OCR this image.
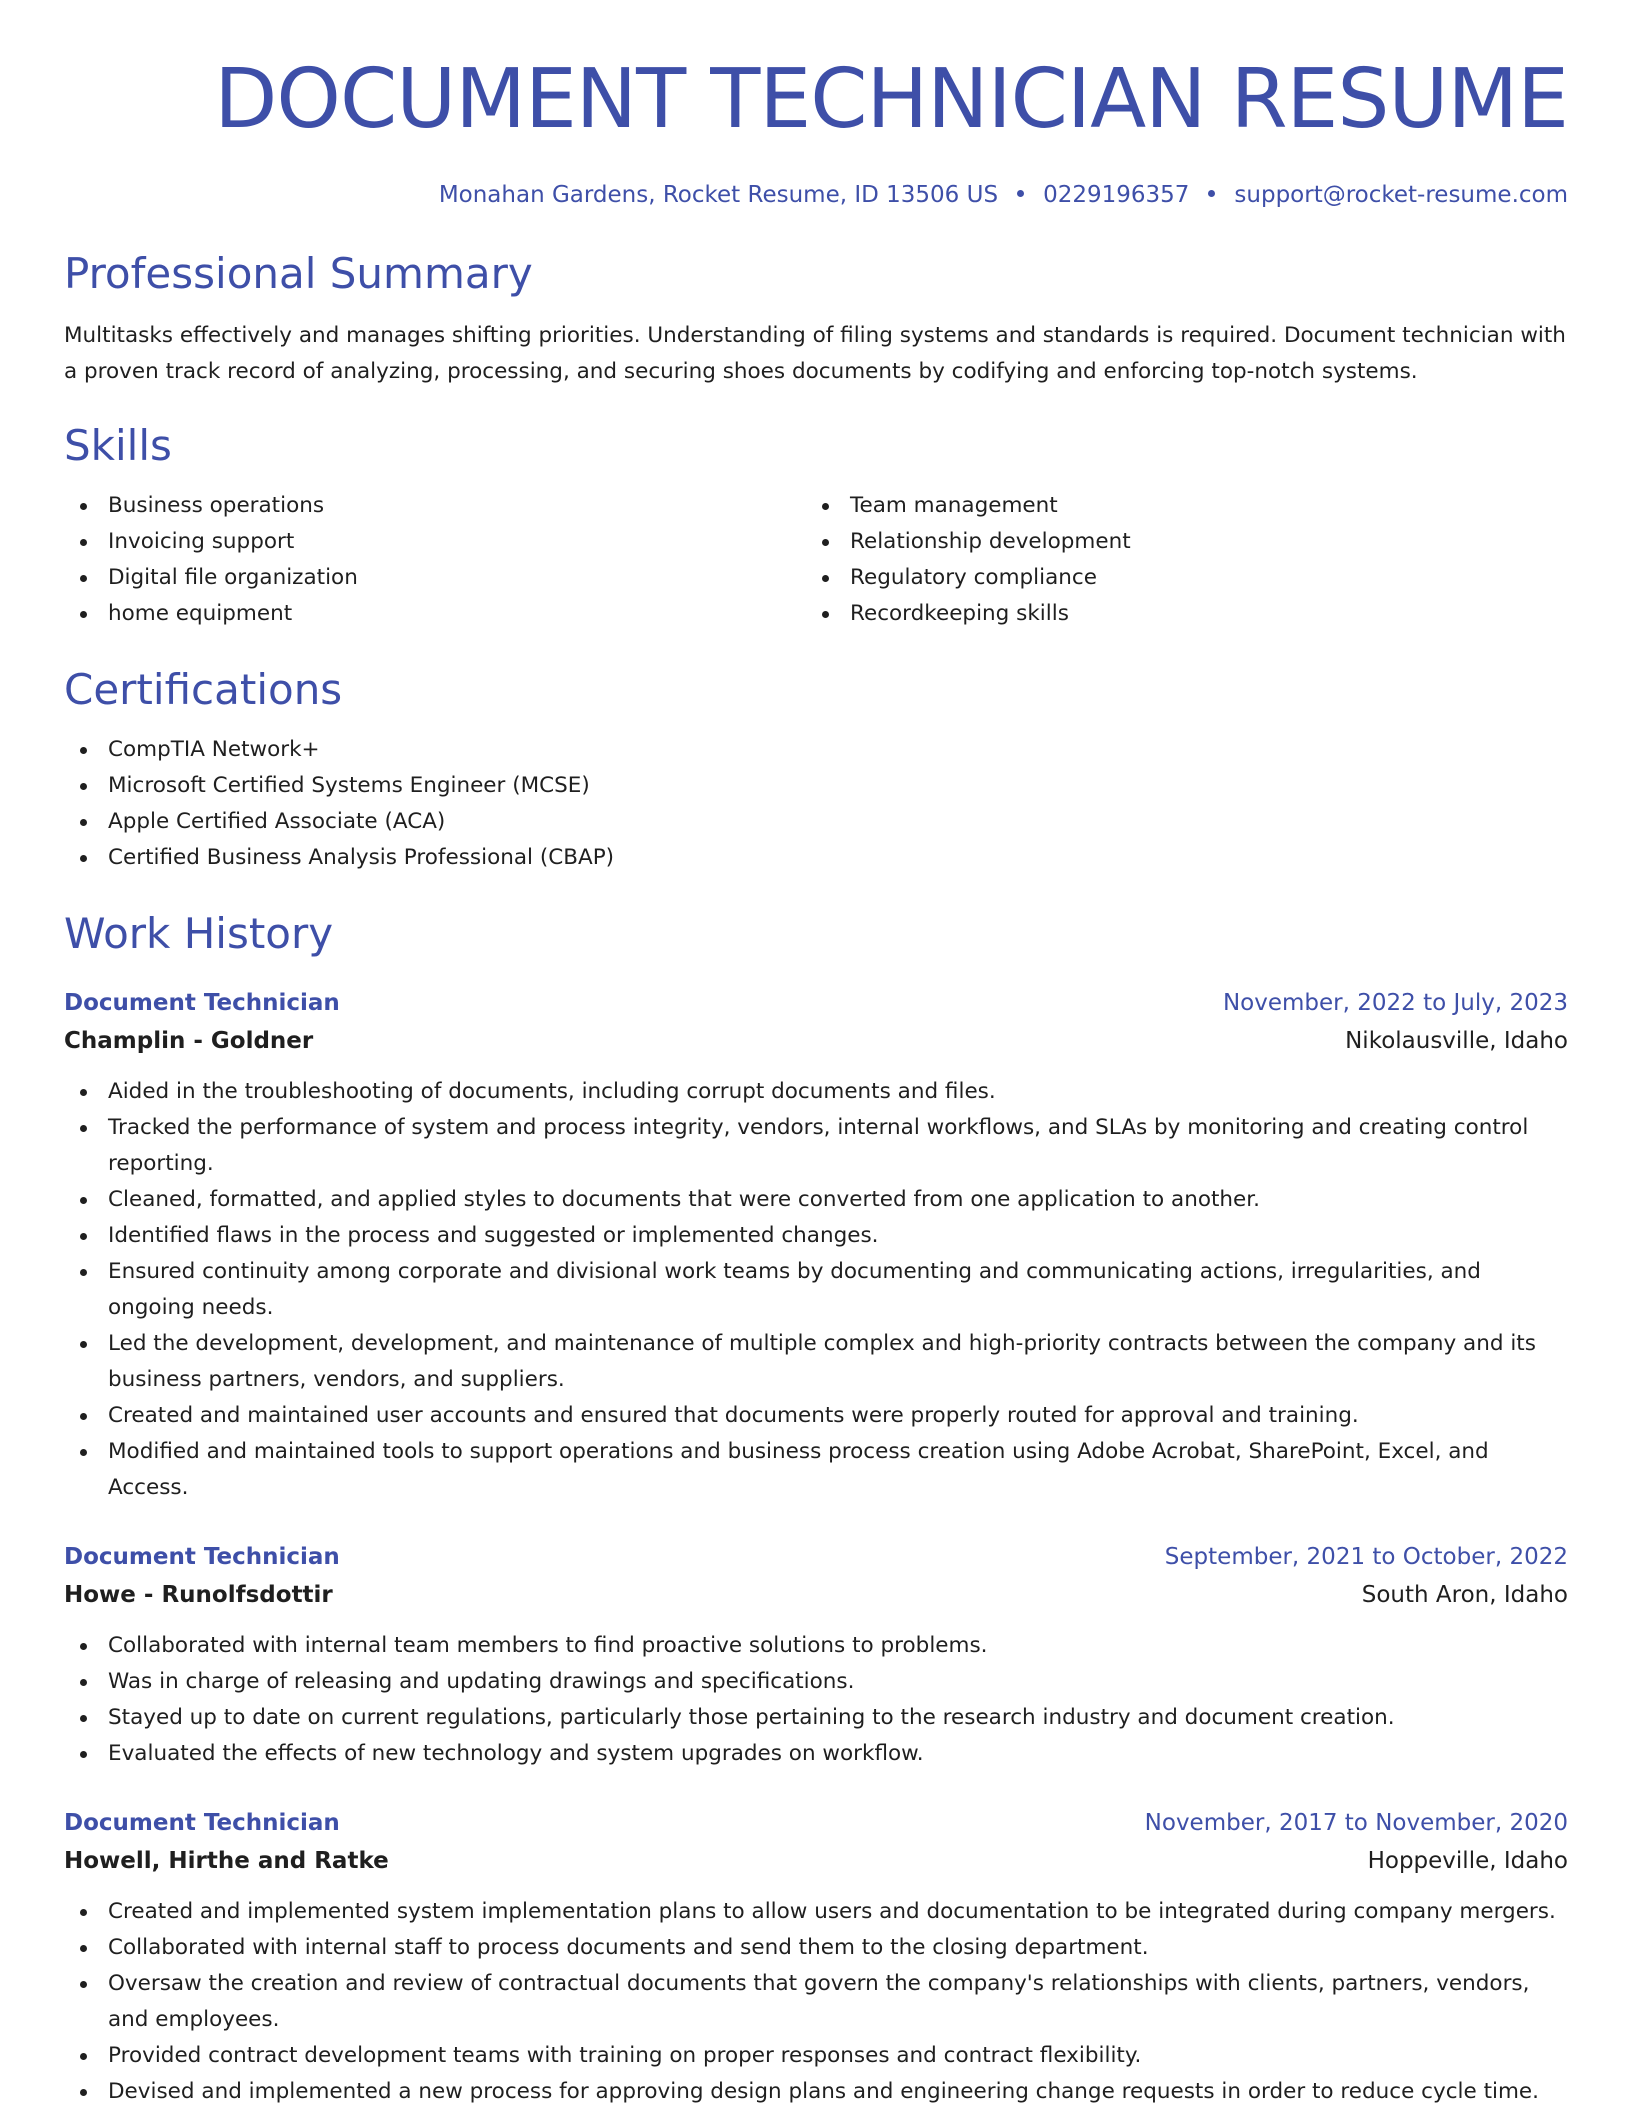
DOCUMENT TECHNICIAN RESUME
Monahan Gardens, Rocket Resume, ID 13506 US 0229196357 support@rocket-resume.com
Professional Summary

Multitasks effectively and manages shifting priorities. Understanding of filing systems and standards is required. Document technician with a proven track record of analyzing, processing, and securing shoes documents by codifying and enforcing top-notch systems.

Skills
Business operations
Invoicing support
Digital file organization
home equipment
Team management
Relationship development
Regulatory compliance
Recordkeeping skills
Certifications
CompTIA Network+
Microsoft Certified Systems Engineer (MCSE)
Apple Certified Associate (ACA)
Certified Business Analysis Professional (CBAP)
Work History
Document Technician	November, 2022 to July, 2023
Champlin - Goldner	Nikolausville, Idaho
Aided in the troubleshooting of documents, including corrupt documents and files.
Tracked the performance of system and process integrity, vendors, internal workflows, and SLAs by monitoring and creating control reporting.
Cleaned, formatted, and applied styles to documents that were converted from one application to another.
Identified flaws in the process and suggested or implemented changes.
Ensured continuity among corporate and divisional work teams by documenting and communicating actions, irregularities, and ongoing needs.
Led the development, development, and maintenance of multiple complex and high-priority contracts between the company and its business partners, vendors, and suppliers.
Created and maintained user accounts and ensured that documents were properly routed for approval and training.
Modified and maintained tools to support operations and business process creation using Adobe Acrobat, SharePoint, Excel, and Access.
Document Technician	September, 2021 to October, 2022
Howe - Runolfsdottir	South Aron, Idaho
Collaborated with internal team members to find proactive solutions to problems.
Was in charge of releasing and updating drawings and specifications.
Stayed up to date on current regulations, particularly those pertaining to the research industry and document creation.
Evaluated the effects of new technology and system upgrades on workflow.
Document Technician	November, 2017 to November, 2020
Howell, Hirthe and Ratke	Hoppeville, Idaho
Created and implemented system implementation plans to allow users and documentation to be integrated during company mergers.
Collaborated with internal staff to process documents and send them to the closing department.
Oversaw the creation and review of contractual documents that govern the company's relationships with clients, partners, vendors, and employees.
Provided contract development teams with training on proper responses and contract flexibility.
Devised and implemented a new process for approving design plans and engineering change requests in order to reduce cycle time.
